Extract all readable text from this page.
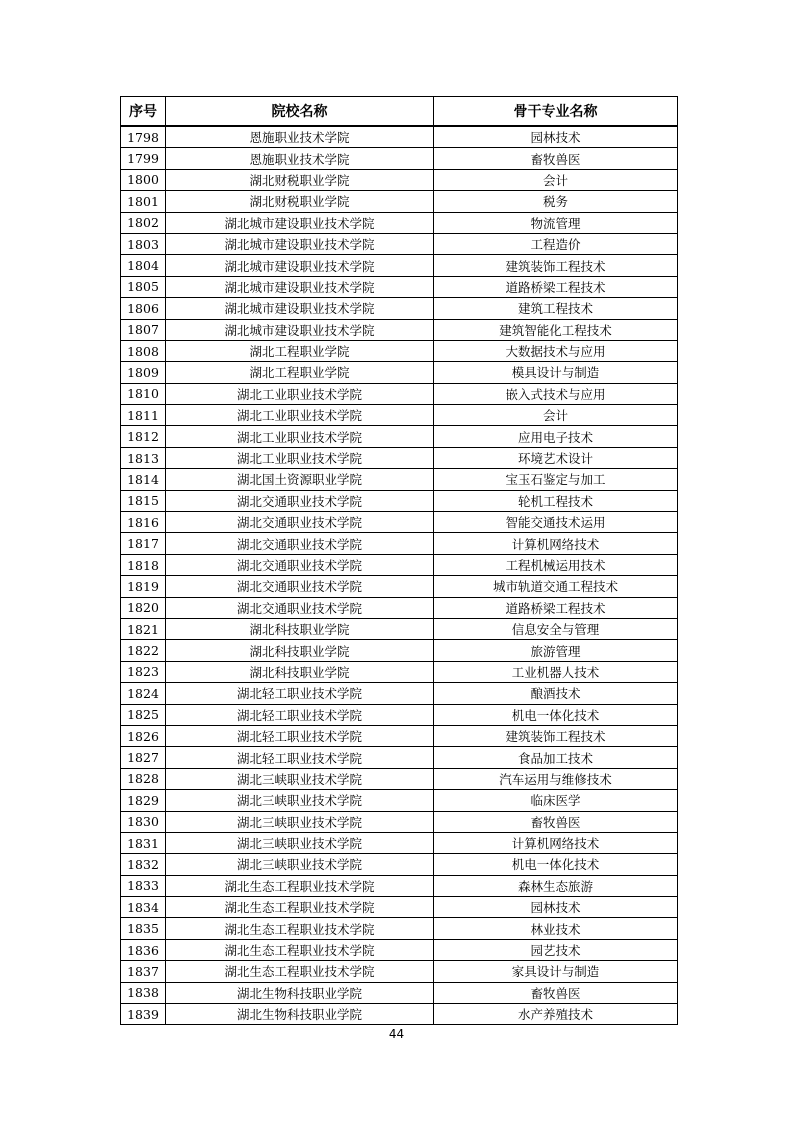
序号	院校名称	骨干专业名称
1798	恩施职业技术学院	园林技术
1799	恩施职业技术学院	畜牧兽医
1800	湖北财税职业学院	会计
1801	湖北财税职业学院	税务
1802	湖北城市建设职业技术学院	物流管理
1803	湖北城市建设职业技术学院	工程造价
1804	湖北城市建设职业技术学院	建筑装饰工程技术
1805	湖北城市建设职业技术学院	道路桥梁工程技术
1806	湖北城市建设职业技术学院	建筑工程技术
1807	湖北城市建设职业技术学院	建筑智能化工程技术
1808	湖北工程职业学院	大数据技术与应用
1809	湖北工程职业学院	模具设计与制造
1810	湖北工业职业技术学院	嵌入式技术与应用
1811	湖北工业职业技术学院	会计
1812	湖北工业职业技术学院	应用电子技术
1813	湖北工业职业技术学院	环境艺术设计
1814	湖北国土资源职业学院	宝玉石鉴定与加工
1815	湖北交通职业技术学院	轮机工程技术
1816	湖北交通职业技术学院	智能交通技术运用
1817	湖北交通职业技术学院	计算机网络技术
1818	湖北交通职业技术学院	工程机械运用技术
1819	湖北交通职业技术学院	城市轨道交通工程技术
1820	湖北交通职业技术学院	道路桥梁工程技术
1821	湖北科技职业学院	信息安全与管理
1822	湖北科技职业学院	旅游管理
1823	湖北科技职业学院	工业机器人技术
1824	湖北轻工职业技术学院	酿酒技术
1825	湖北轻工职业技术学院	机电一体化技术
1826	湖北轻工职业技术学院	建筑装饰工程技术
1827	湖北轻工职业技术学院	食品加工技术
1828	湖北三峡职业技术学院	汽车运用与维修技术
1829	湖北三峡职业技术学院	临床医学
1830	湖北三峡职业技术学院	畜牧兽医
1831	湖北三峡职业技术学院	计算机网络技术
1832	湖北三峡职业技术学院	机电一体化技术
1833	湖北生态工程职业技术学院	森林生态旅游
1834	湖北生态工程职业技术学院	园林技术
1835	湖北生态工程职业技术学院	林业技术
1836	湖北生态工程职业技术学院	园艺技术
1837	湖北生态工程职业技术学院	家具设计与制造
1838	湖北生物科技职业学院	畜牧兽医
1839	湖北生物科技职业学院	水产养殖技术
44
